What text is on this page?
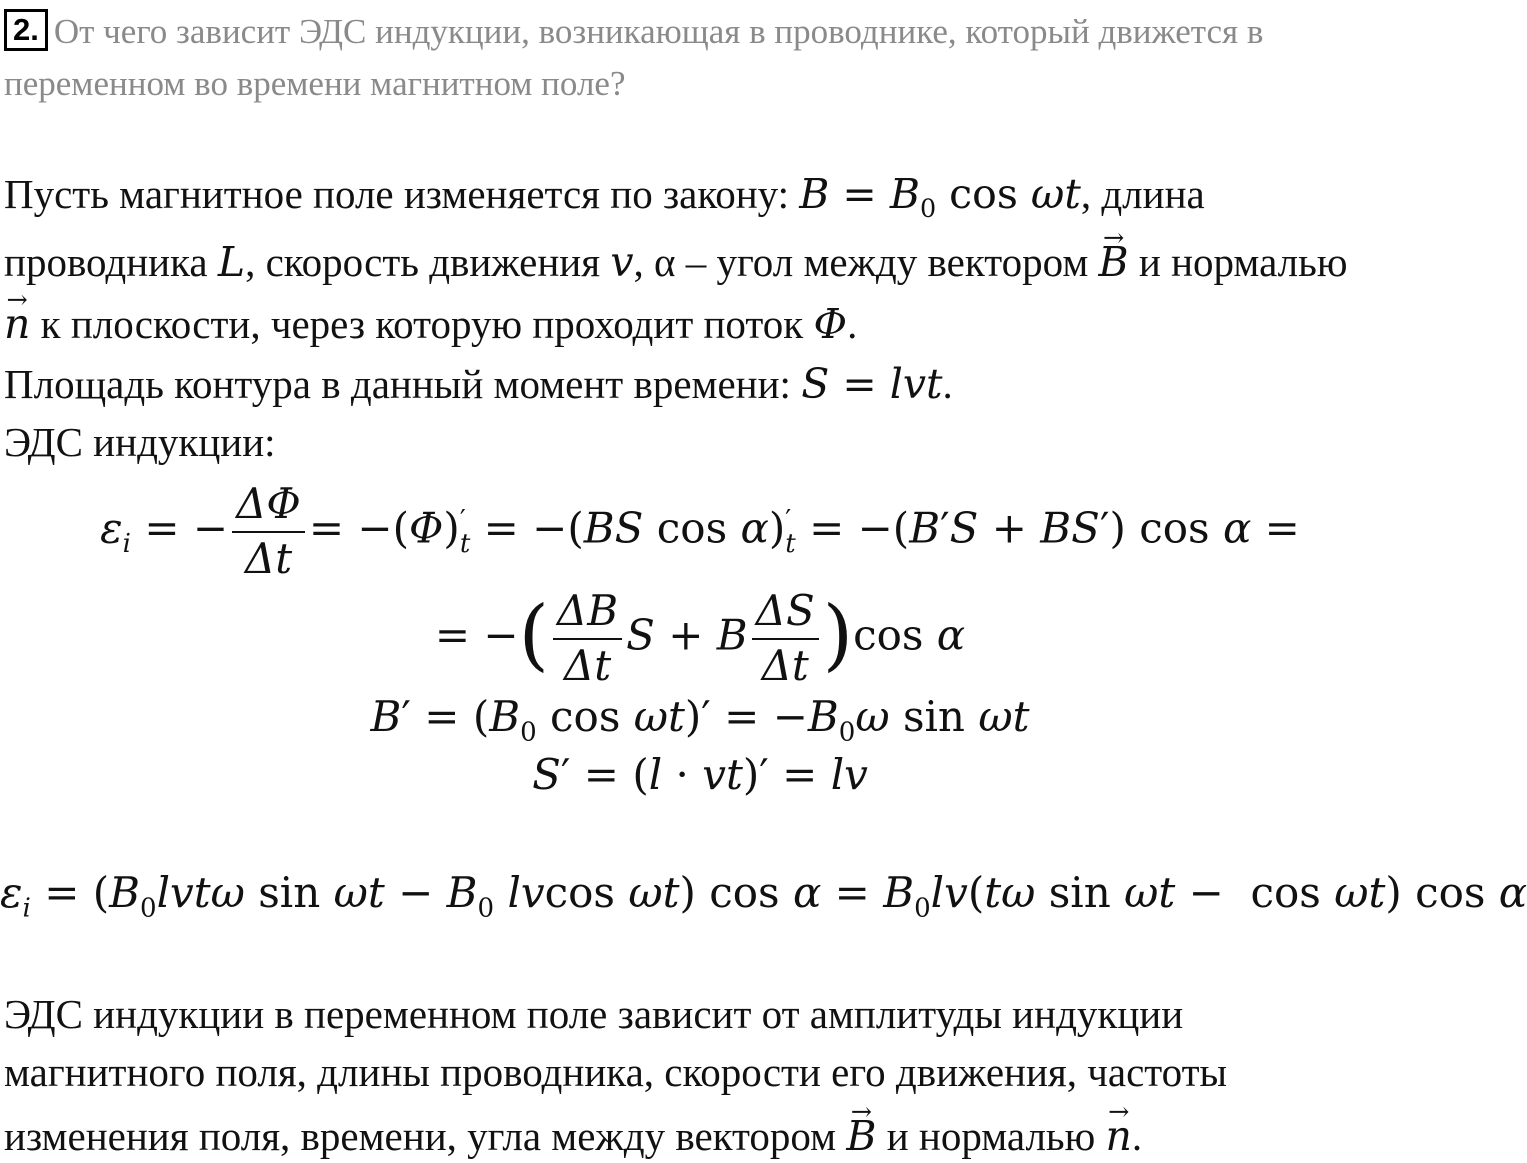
2. От чего зависит ЭДС индукции, возникающая в проводнике, который движется в переменном во времени магнитном поле?
Пусть магнитное поле изменяется по закону: $B = B_0$ cos ωt, длина
проводника L, скорость движения v, α – угол между вектором → B и нормалью
→ n к плоскости, через которую проходит поток Φ.
Площадь контура в данный момент времени: S = lvt.
ЭДС индукции:
$\varepsilon_i$ = − $\frac{\Delta\Phi}{\Delta t} = -(\Phi)$ ′
t = −(BS cos α) ′
t = −(B′S + BS′) cos α =
= −( $\frac{\Delta B}{\Delta t}$ S + B $\frac{\Delta S}{\Delta t} )\cos$ α
$B' = (B_0$ $\cos \omega t)' = -B_0\omega$ sin ωt
S′ = (l · vt)′ = lv
$\varepsilon_i = (B_0lvt\omega$ $\sin \omega t - B_0$ lvcos ωt) $\cos \alpha = B_0lv(t\omega$ sin ωt −  cos ωt) cos α
ЭДС индукции в переменном поле зависит от амплитуды индукции
магнитного поля, длины проводника, скорости его движения, частоты
изменения поля, времени, угла между вектором → B и нормалью → n.
